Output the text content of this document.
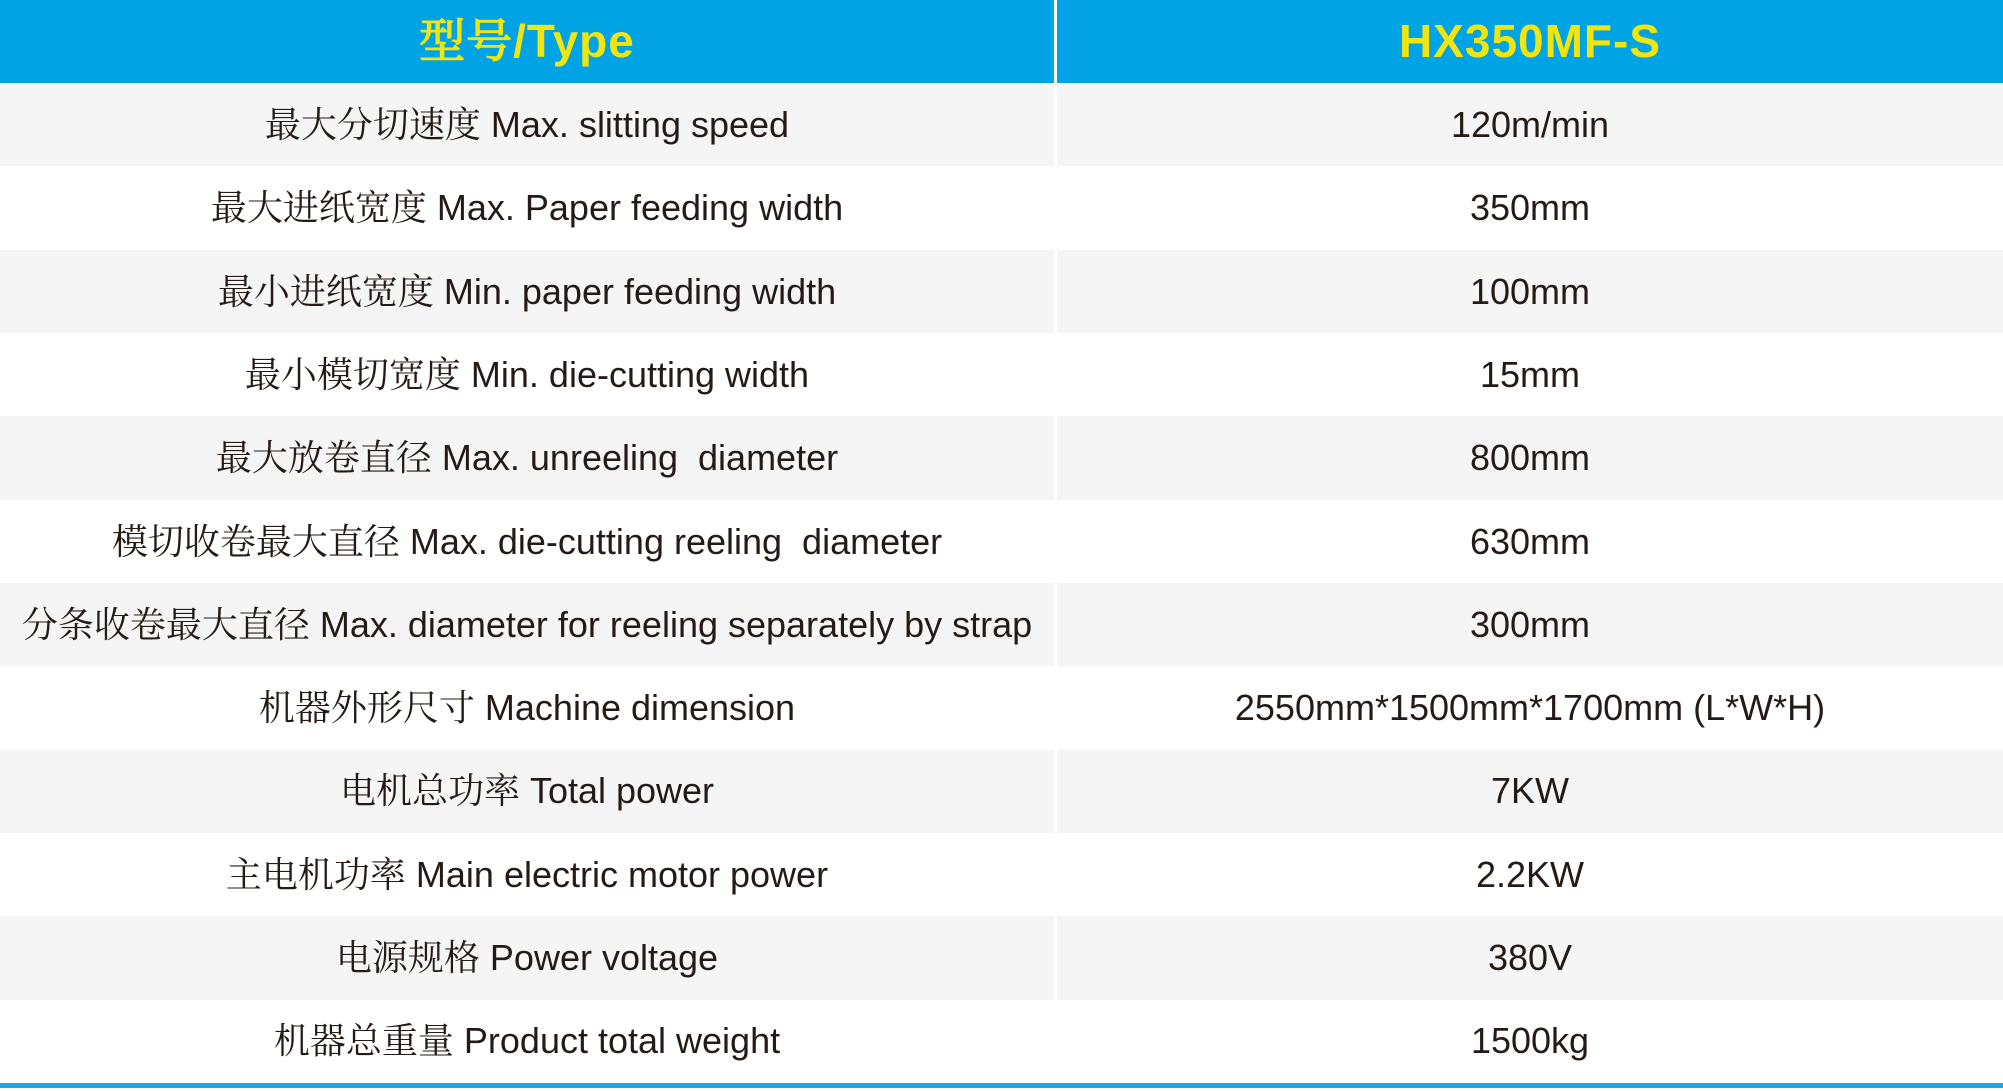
型号/Type	HX350MF-S
最大分切速度 Max. slitting speed	120m/min
最大进纸宽度 Max. Paper feeding width	350mm
最小进纸宽度 Min. paper feeding width	100mm
最小模切宽度 Min. die-cutting width	15mm
最大放卷直径 Max. unreeling  diameter	800mm
模切收卷最大直径 Max. die-cutting reeling  diameter	630mm
分条收卷最大直径 Max. diameter for reeling separately by strap	300mm
机器外形尺寸 Machine dimension	2550mm*1500mm*1700mm (L*W*H)
电机总功率 Total power	7KW
主电机功率 Main electric motor power	2.2KW
电源规格 Power voltage	380V
机器总重量 Product total weight	1500kg
